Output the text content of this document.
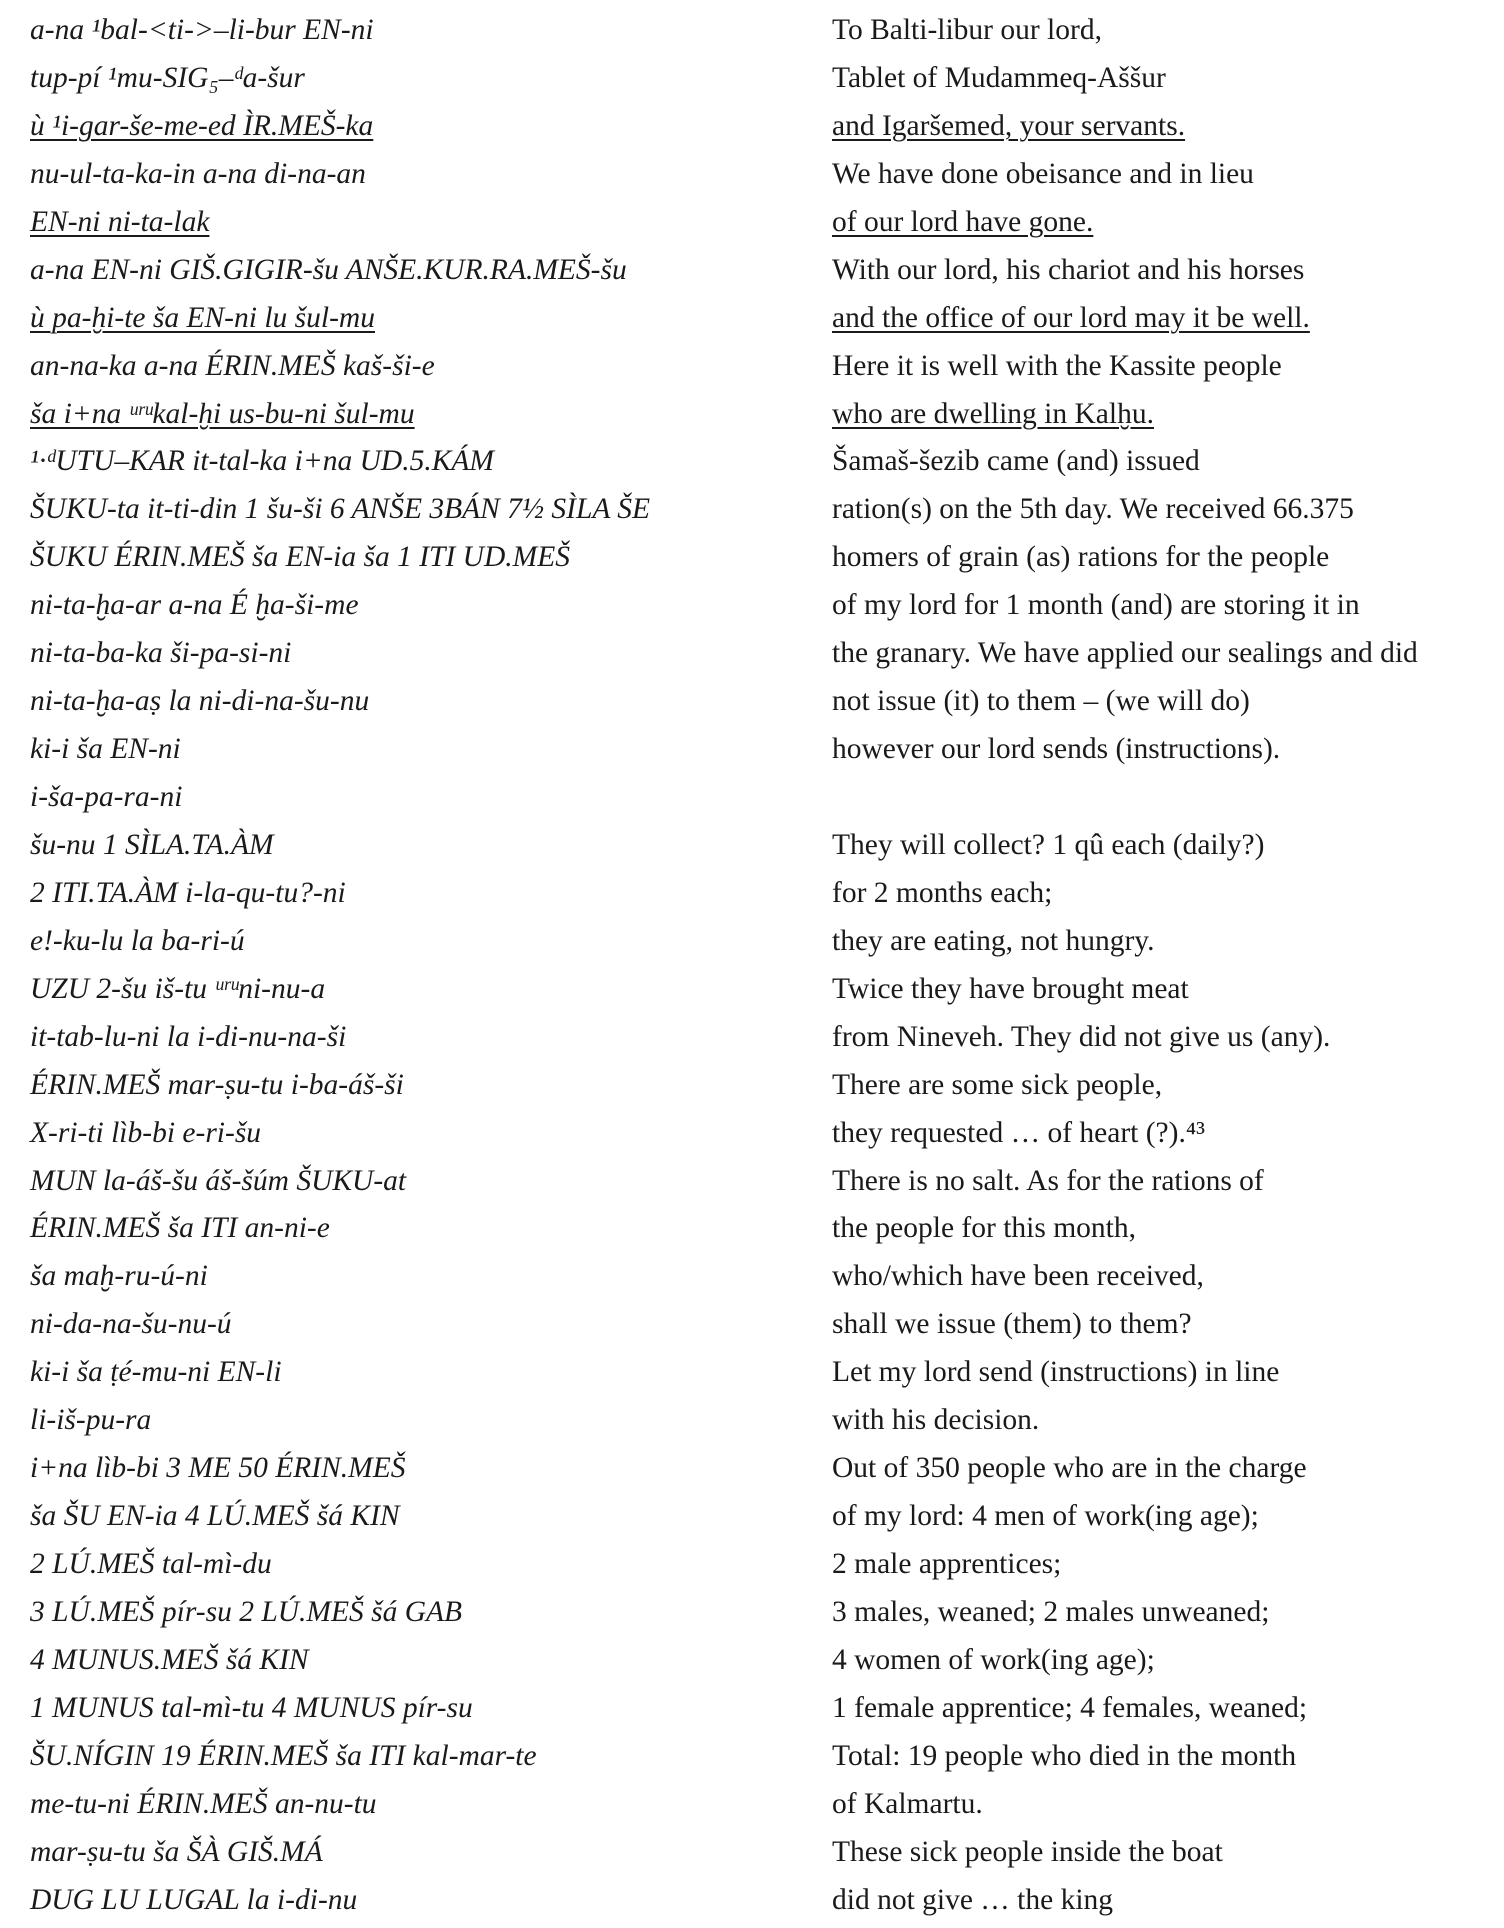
a-na ¹bal-<ti->–li-bur EN-ni
tup-pí ¹mu-SIG₅–ᵈa-šur
ù ¹i-gar-še-me-ed ÌR.MEŠ-ka
nu-ul-ta-ka-in a-na di-na-an
EN-ni ni-ta-lak
a-na EN-ni GIŠ.GIGIR-šu ANŠE.KUR.RA.MEŠ-šu
ù pa-ḫi-te ša EN-ni lu šul-mu
an-na-ka a-na ÉRIN.MEŠ kaš-ši-e
ša i+na ᵘʳᵘkal-ḫi us-bu-ni šul-mu
¹·ᵈUTU–KAR it-tal-ka i+na UD.5.KÁM
ŠUKU-ta it-ti-din 1 šu-ši 6 ANŠE 3BÁN 7½ SÌLA ŠE
ŠUKU ÉRIN.MEŠ ša EN-ia ša 1 ITI UD.MEŠ
ni-ta-ḫa-ar a-na É ḫa-ši-me
ni-ta-ba-ka ši-pa-si-ni
ni-ta-ḫa-aṣ la ni-di-na-šu-nu
ki-i ša EN-ni
i-ša-pa-ra-ni
šu-nu 1 SÌLA.TA.ÀM
2 ITI.TA.ÀM i-la-qu-tu?-ni
e!-ku-lu la ba-ri-ú
UZU 2-šu iš-tu ᵘʳᵘni-nu-a
it-tab-lu-ni la i-di-nu-na-ši
ÉRIN.MEŠ mar-ṣu-tu i-ba-áš-ši
X-ri-ti lìb-bi e-ri-šu
MUN la-áš-šu áš-šúm ŠUKU-at
ÉRIN.MEŠ ša ITI an-ni-e
ša maḫ-ru-ú-ni
ni-da-na-šu-nu-ú
ki-i ša ṭé-mu-ni EN-li
li-iš-pu-ra
i+na lìb-bi 3 ME 50 ÉRIN.MEŠ
ša ŠU EN-ia 4 LÚ.MEŠ šá KIN
2 LÚ.MEŠ tal-mì-du
3 LÚ.MEŠ pír-su 2 LÚ.MEŠ šá GAB
4 MUNUS.MEŠ šá KIN
1 MUNUS tal-mì-tu 4 MUNUS pír-su
ŠU.NÍGIN 19 ÉRIN.MEŠ ša ITI kal-mar-te
me-tu-ni ÉRIN.MEŠ an-nu-tu
mar-ṣu-tu ša ŠÀ GIŠ.MÁ
DUG LU LUGAL la i-di-nu
To Balti-libur our lord,
Tablet of Mudammeq-Aššur
and Igaršemed, your servants.
We have done obeisance and in lieu
of our lord have gone.
With our lord, his chariot and his horses
and the office of our lord may it be well.
Here it is well with the Kassite people
who are dwelling in Kalḫu.
Šamaš-šezib came (and) issued
ration(s) on the 5th day. We received 66.375
homers of grain (as) rations for the people
of my lord for 1 month (and) are storing it in
the granary. We have applied our sealings and did
not issue (it) to them – (we will do)
however our lord sends (instructions).
They will collect? 1 qû each (daily?)
for 2 months each;
they are eating, not hungry.
Twice they have brought meat
from Nineveh. They did not give us (any).
There are some sick people,
they requested … of heart (?).⁴³
There is no salt. As for the rations of
the people for this month,
who/which have been received,
shall we issue (them) to them?
Let my lord send (instructions) in line
with his decision.
Out of 350 people who are in the charge
of my lord: 4 men of work(ing age);
2 male apprentices;
3 males, weaned; 2 males unweaned;
4 women of work(ing age);
1 female apprentice; 4 females, weaned;
Total: 19 people who died in the month
of Kalmartu.
These sick people inside the boat
did not give … the king
